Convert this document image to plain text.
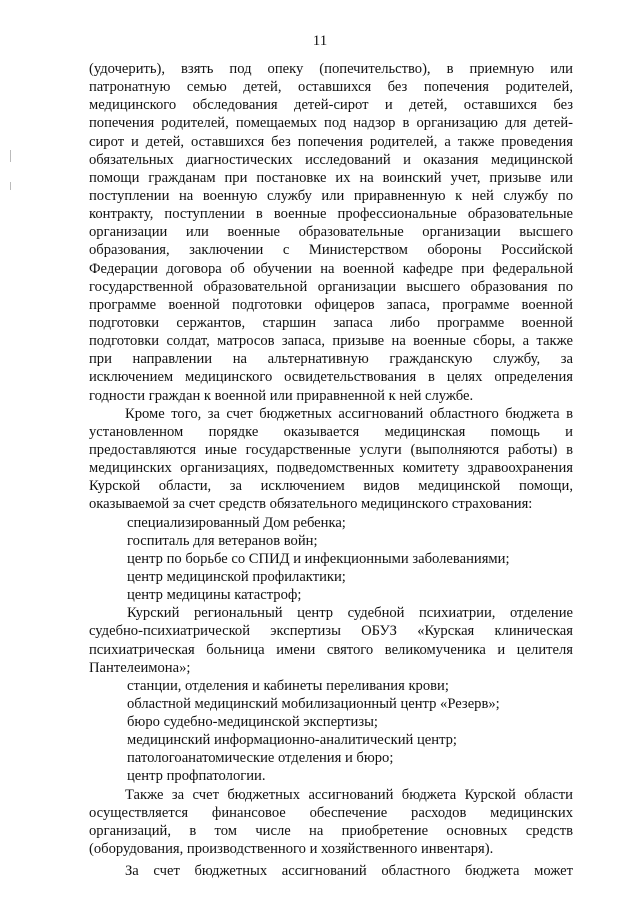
11
(удочерить), взять под опеку (попечительство), в приемную или
патронатную семью детей, оставшихся без попечения родителей,
медицинского обследования детей-сирот и детей, оставшихся без
попечения родителей, помещаемых под надзор в организацию для детей-
сирот и детей, оставшихся без попечения родителей, а также проведения
обязательных диагностических исследований и оказания медицинской
помощи гражданам при постановке их на воинский учет, призыве или
поступлении на военную службу или приравненную к ней службу по
контракту, поступлении в военные профессиональные образовательные
организации или военные образовательные организации высшего
образования, заключении с Министерством обороны Российской
Федерации договора об обучении на военной кафедре при федеральной
государственной образовательной организации высшего образования по
программе военной подготовки офицеров запаса, программе военной
подготовки сержантов, старшин запаса либо программе военной
подготовки солдат, матросов запаса, призыве на военные сборы, а также
при направлении на альтернативную гражданскую службу, за
исключением медицинского освидетельствования в целях определения
годности граждан к военной или приравненной к ней службе.
Кроме того, за счет бюджетных ассигнований областного бюджета в
установленном порядке оказывается медицинская помощь и
предоставляются иные государственные услуги (выполняются работы) в
медицинских организациях, подведомственных комитету здравоохранения
Курской области, за исключением видов медицинской помощи,
оказываемой за счет средств обязательного медицинского страхования:
специализированный Дом ребенка;
госпиталь для ветеранов войн;
центр по борьбе со СПИД и инфекционными заболеваниями;
центр медицинской профилактики;
центр медицины катастроф;
Курский региональный центр судебной психиатрии, отделение
судебно-психиатрической экспертизы ОБУЗ «Курская клиническая
психиатрическая больница имени святого великомученика и целителя
Пантелеимона»;
станции, отделения и кабинеты переливания крови;
областной медицинский мобилизационный центр «Резерв»;
бюро судебно-медицинской экспертизы;
медицинский информационно-аналитический центр;
патологоанатомические отделения и бюро;
центр профпатологии.
Также за счет бюджетных ассигнований бюджета Курской области
осуществляется финансовое обеспечение расходов медицинских
организаций, в том числе на приобретение основных средств
(оборудования, производственного и хозяйственного инвентаря).
За счет бюджетных ассигнований областного бюджета может
